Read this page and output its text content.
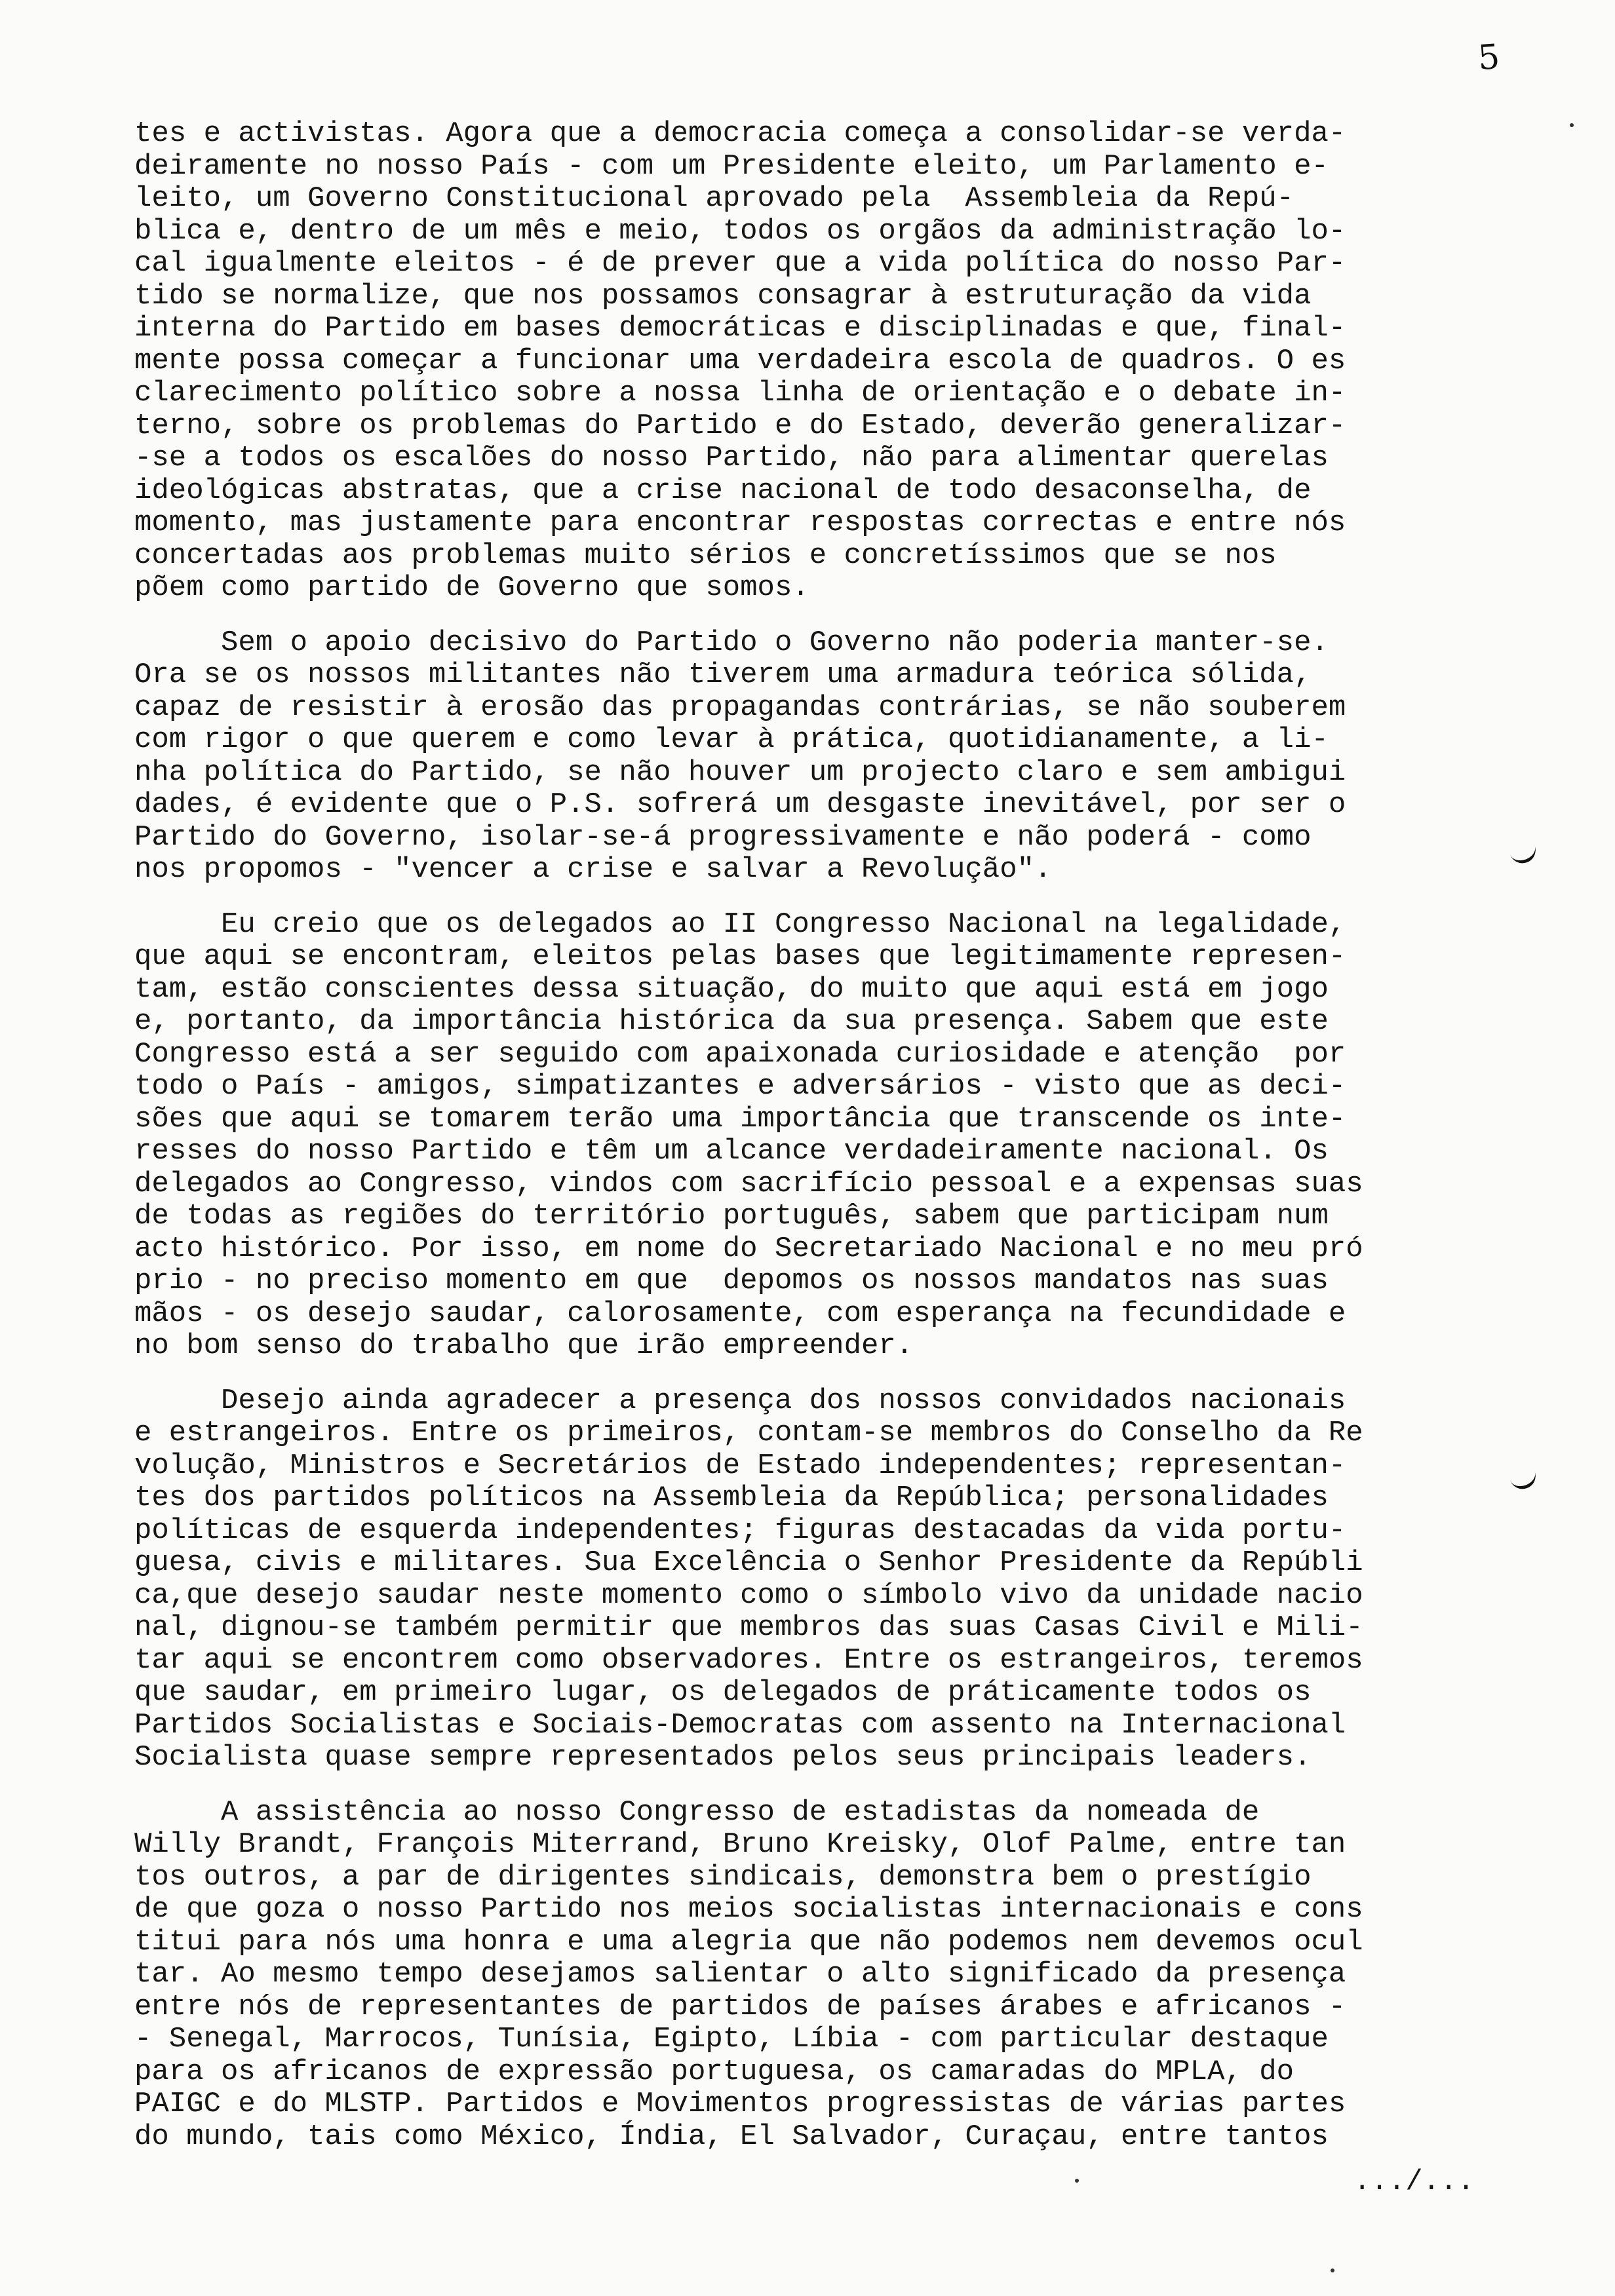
5

tes e activistas. Agora que a democracia começa a consolidar-se verda-
deiramente no nosso País - com um Presidente eleito, um Parlamento e-
leito, um Governo Constitucional aprovado pela  Assembleia da Repú-
blica e, dentro de um mês e meio, todos os orgãos da administração lo-
cal igualmente eleitos - é de prever que a vida política do nosso Par-
tido se normalize, que nos possamos consagrar à estruturação da vida
interna do Partido em bases democráticas e disciplinadas e que, final-
mente possa começar a funcionar uma verdadeira escola de quadros. O es
clarecimento político sobre a nossa linha de orientação e o debate in-
terno, sobre os problemas do Partido e do Estado, deverão generalizar-
-se a todos os escalões do nosso Partido, não para alimentar querelas
ideológicas abstratas, que a crise nacional de todo desaconselha, de
momento, mas justamente para encontrar respostas correctas e entre nós
concertadas aos problemas muito sérios e concretíssimos que se nos
põem como partido de Governo que somos.

Sem o apoio decisivo do Partido o Governo não poderia manter-se.
Ora se os nossos militantes não tiverem uma armadura teórica sólida,
capaz de resistir à erosão das propagandas contrárias, se não souberem
com rigor o que querem e como levar à prática, quotidianamente, a li-
nha política do Partido, se não houver um projecto claro e sem ambigui
dades, é evidente que o P.S. sofrerá um desgaste inevitável, por ser o
Partido do Governo, isolar-se-á progressivamente e não poderá - como
nos propomos - "vencer a crise e salvar a Revolução".

Eu creio que os delegados ao II Congresso Nacional na legalidade,
que aqui se encontram, eleitos pelas bases que legitimamente represen-
tam, estão conscientes dessa situação, do muito que aqui está em jogo
e, portanto, da importância histórica da sua presença. Sabem que este
Congresso está a ser seguido com apaixonada curiosidade e atenção  por
todo o País - amigos, simpatizantes e adversários - visto que as deci-
sões que aqui se tomarem terão uma importância que transcende os inte-
resses do nosso Partido e têm um alcance verdadeiramente nacional. Os
delegados ao Congresso, vindos com sacrifício pessoal e a expensas suas
de todas as regiões do território português, sabem que participam num
acto histórico. Por isso, em nome do Secretariado Nacional e no meu pró
prio - no preciso momento em que  depomos os nossos mandatos nas suas
mãos - os desejo saudar, calorosamente, com esperança na fecundidade e
no bom senso do trabalho que irão empreender.

Desejo ainda agradecer a presença dos nossos convidados nacionais
e estrangeiros. Entre os primeiros, contam-se membros do Conselho da Re
volução, Ministros e Secretários de Estado independentes; representan-
tes dos partidos políticos na Assembleia da República; personalidades
políticas de esquerda independentes; figuras destacadas da vida portu-
guesa, civis e militares. Sua Excelência o Senhor Presidente da Repúbli
ca,que desejo saudar neste momento como o símbolo vivo da unidade nacio
nal, dignou-se também permitir que membros das suas Casas Civil e Mili-
tar aqui se encontrem como observadores. Entre os estrangeiros, teremos
que saudar, em primeiro lugar, os delegados de práticamente todos os
Partidos Socialistas e Sociais-Democratas com assento na Internacional
Socialista quase sempre representados pelos seus principais leaders.

A assistência ao nosso Congresso de estadistas da nomeada de
Willy Brandt, François Miterrand, Bruno Kreisky, Olof Palme, entre tan
tos outros, a par de dirigentes sindicais, demonstra bem o prestígio
de que goza o nosso Partido nos meios socialistas internacionais e cons
titui para nós uma honra e uma alegria que não podemos nem devemos ocul
tar. Ao mesmo tempo desejamos salientar o alto significado da presença
entre nós de representantes de partidos de países árabes e africanos -
- Senegal, Marrocos, Tunísia, Egipto, Líbia - com particular destaque
para os africanos de expressão portuguesa, os camaradas do MPLA, do
PAIGC e do MLSTP. Partidos e Movimentos progressistas de várias partes
do mundo, tais como México, Índia, El Salvador, Curaçau, entre tantos

.../...
